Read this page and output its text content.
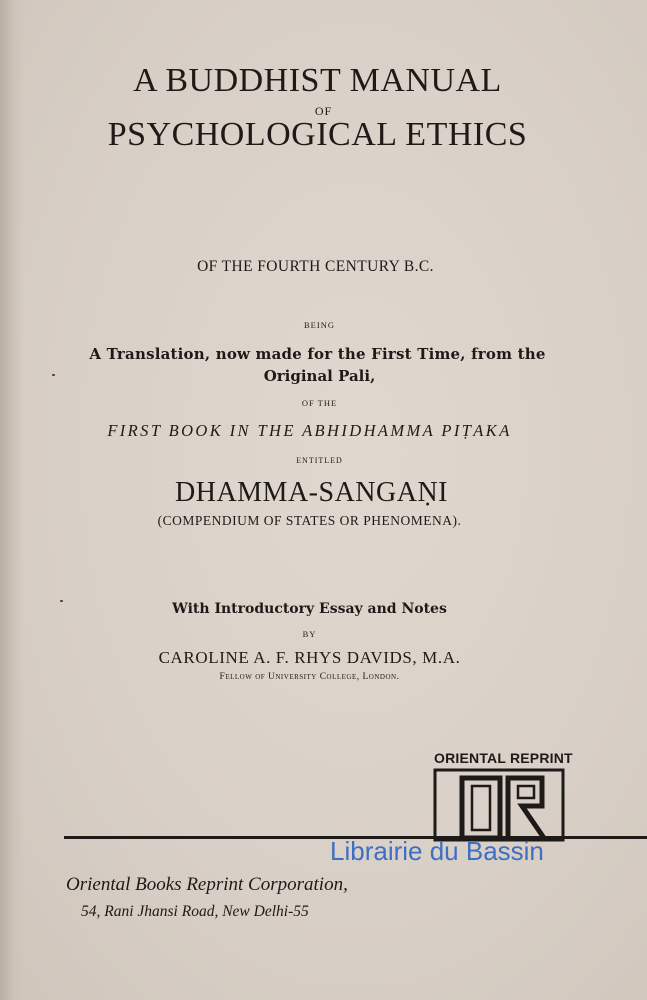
A BUDDHIST MANUAL
OF
PSYCHOLOGICAL ETHICS
OF THE FOURTH CENTURY B.C.
BEING
A Translation, now made for the First Time, from the
Original Pali,
OF THE
FIRST BOOK IN THE ABHIDHAMMA PIṬAKA
ENTITLED
DHAMMA-SANGAṆI
(COMPENDIUM OF STATES OR PHENOMENA).
With Introductory Essay and Notes
BY
CAROLINE A. F. RHYS DAVIDS, M.A.
Fellow of University College, London.
ORIENTAL REPRINT
Librairie du Bassin
Oriental Books Reprint Corporation,
54, Rani Jhansi Road, New Delhi-55
